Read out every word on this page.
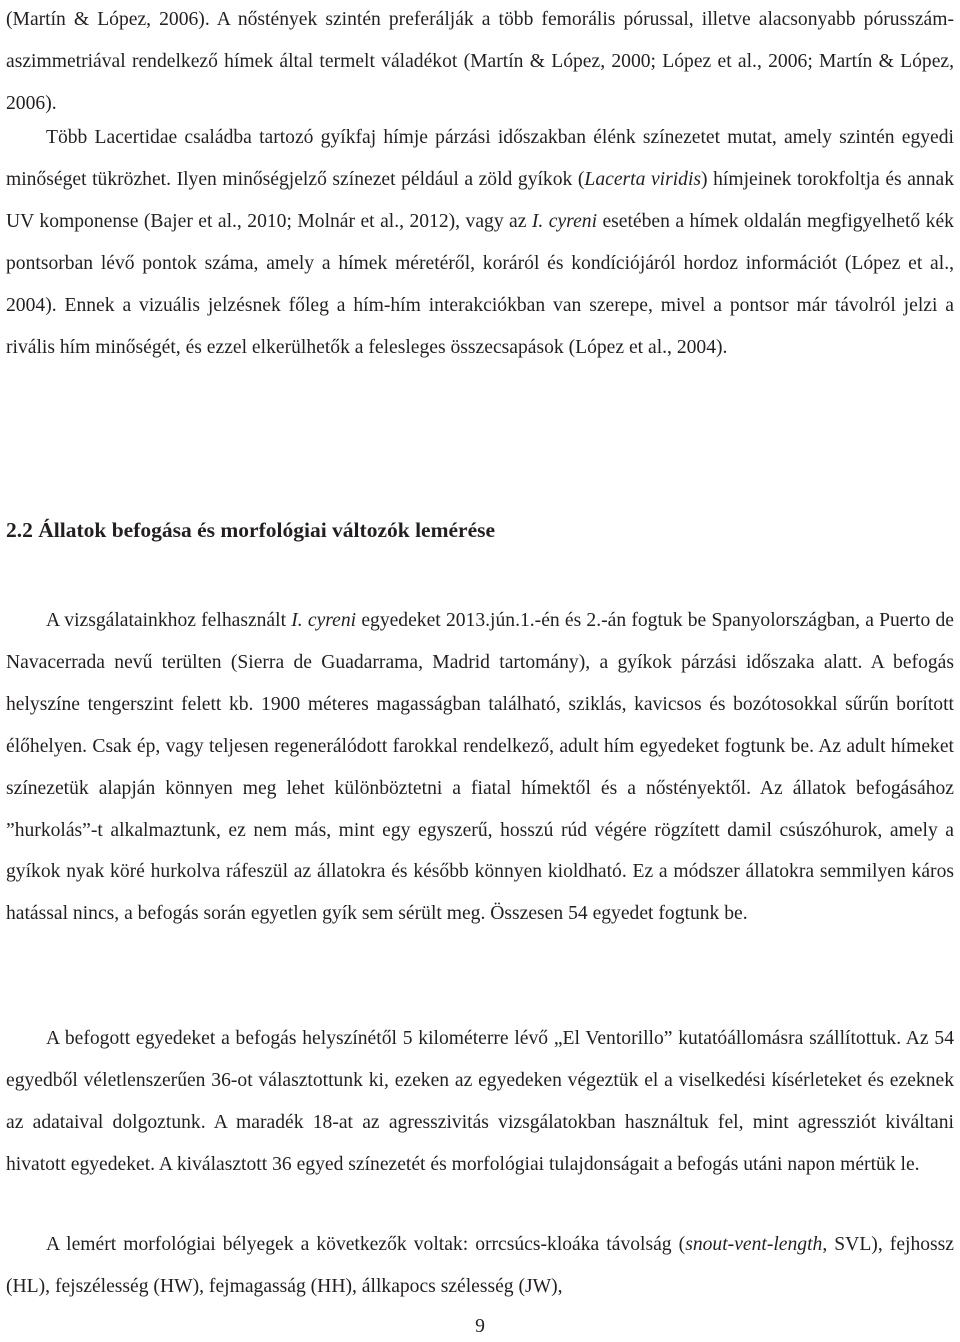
(Martín & López, 2006). A nőstények szintén preferálják a több femorális pórussal, illetve alacsonyabb pórusszám-aszimmetriával rendelkező hímek által termelt váladékot (Martín & López, 2000; López et al., 2006; Martín & López, 2006).

Több Lacertidae családba tartozó gyíkfaj hímje párzási időszakban élénk színezetet mutat, amely szintén egyedi minőséget tükrözhet. Ilyen minőségjelző színezet például a zöld gyíkok (Lacerta viridis) hímjeinek torokfoltja és annak UV komponense (Bajer et al., 2010; Molnár et al., 2012), vagy az I. cyreni esetében a hímek oldalán megfigyelhető kék pontsorban lévő pontok száma, amely a hímek méretéről, koráról és kondíciójáról hordoz információt (López et al., 2004). Ennek a vizuális jelzésnek főleg a hím-hím interakciókban van szerepe, mivel a pontsor már távolról jelzi a rivális hím minőségét, és ezzel elkerülhetők a felesleges összecsapások (López et al., 2004).

2.2 Állatok befogása és morfológiai változók lemérése

A vizsgálatainkhoz felhasznált I. cyreni egyedeket 2013.jún.1.-én és 2.-án fogtuk be Spanyolországban, a Puerto de Navacerrada nevű terülten (Sierra de Guadarrama, Madrid tartomány), a gyíkok párzási időszaka alatt. A befogás helyszíne tengerszint felett kb. 1900 méteres magasságban található, sziklás, kavicsos és bozótosokkal sűrűn borított élőhelyen. Csak ép, vagy teljesen regenerálódott farokkal rendelkező, adult hím egyedeket fogtunk be. Az adult hímeket színezetük alapján könnyen meg lehet különböztetni a fiatal hímektől és a nőstényektől. Az állatok befogásához ”hurkolás”-t alkalmaztunk, ez nem más, mint egy egyszerű, hosszú rúd végére rögzített damil csúszóhurok, amely a gyíkok nyak köré hurkolva ráfeszül az állatokra és később könnyen kioldható. Ez a módszer állatokra semmilyen káros hatással nincs, a befogás során egyetlen gyík sem sérült meg. Összesen 54 egyedet fogtunk be.

A befogott egyedeket a befogás helyszínétől 5 kilométerre lévő „El Ventorillo” kutatóállomásra szállítottuk. Az 54 egyedből véletlenszerűen 36-ot választottunk ki, ezeken az egyedeken végeztük el a viselkedési kísérleteket és ezeknek az adataival dolgoztunk. A maradék 18-at az agresszivitás vizsgálatokban használtuk fel, mint agressziót kiváltani hivatott egyedeket. A kiválasztott 36 egyed színezetét és morfológiai tulajdonságait a befogás utáni napon mértük le.

A lemért morfológiai bélyegek a következők voltak: orrcsúcs-kloáka távolság (snout-vent-length, SVL), fejhossz (HL), fejszélesség (HW), fejmagasság (HH), állkapocs szélesség (JW),

9
